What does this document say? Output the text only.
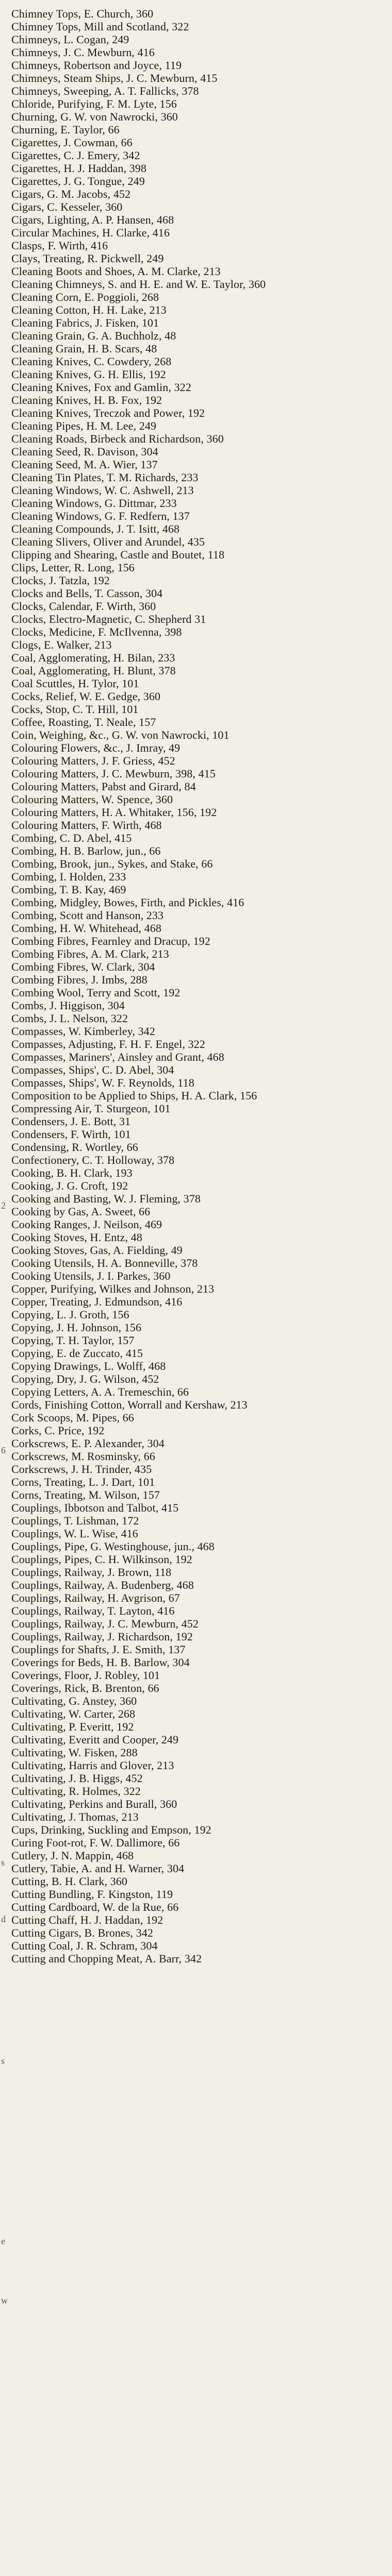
Chimney Tops, E. Church, 360

Chimney Tops, Mill and Scotland, 322

Chimneys, L. Cogan, 249

Chimneys, J. C. Mewburn, 416

Chimneys, Robertson and Joyce, 119

Chimneys, Steam Ships, J. C. Mewburn, 415

Chimneys, Sweeping, A. T. Fallicks, 378

Chloride, Purifying, F. M. Lyte, 156

Churning, G. W. von Nawrocki, 360

Churning, E. Taylor, 66

Cigarettes, J. Cowman, 66

Cigarettes, C. J. Emery, 342

Cigarettes, H. J. Haddan, 398

Cigarettes, J. G. Tongue, 249

Cigars, G. M. Jacobs, 452

Cigars, C. Kesseler, 360

Cigars, Lighting, A. P. Hansen, 468

Circular Machines, H. Clarke, 416

Clasps, F. Wirth, 416

Clays, Treating, R. Pickwell, 249

Cleaning Boots and Shoes, A. M. Clarke, 213

Cleaning Chimneys, S. and H. E. and W. E. Taylor, 360

Cleaning Corn, E. Poggioli, 268

Cleaning Cotton, H. H. Lake, 213

Cleaning Fabrics, J. Fisken, 101

Cleaning Grain, G. A. Buchholz, 48

Cleaning Grain, H. B. Scars, 48

Cleaning Knives, C. Cowdery, 268

Cleaning Knives, G. H. Ellis, 192

Cleaning Knives, Fox and Gamlin, 322

Cleaning Knives, H. B. Fox, 192

Cleaning Knives, Treczok and Power, 192

Cleaning Pipes, H. M. Lee, 249

Cleaning Roads, Birbeck and Richardson, 360

Cleaning Seed, R. Davison, 304

Cleaning Seed, M. A. Wier, 137

Cleaning Tin Plates, T. M. Richards, 233

Cleaning Windows, W. C. Ashwell, 213

Cleaning Windows, G. Dittmar, 233

Cleaning Windows, G. F. Redfern, 137

Cleaning Compounds, J. T. Isitt, 468

Cleaning Slivers, Oliver and Arundel, 435

Clipping and Shearing, Castle and Boutet, 118

Clips, Letter, R. Long, 156

Clocks, J. Tatzla, 192

Clocks and Bells, T. Casson, 304

Clocks, Calendar, F. Wirth, 360

Clocks, Electro-Magnetic, C. Shepherd 31

Clocks, Medicine, F. McIlvenna, 398

Clogs, E. Walker, 213

Coal, Agglomerating, H. Bilan, 233

Coal, Agglomerating, H. Blunt, 378

Coal Scuttles, H. Tylor, 101

Cocks, Relief, W. E. Gedge, 360

Cocks, Stop, C. T. Hill, 101

Coffee, Roasting, T. Neale, 157

Coin, Weighing, &c., G. W. von Nawrocki, 101

Colouring Flowers, &c., J. Imray, 49

Colouring Matters, J. F. Griess, 452

Colouring Matters, J. C. Mewburn, 398, 415

Colouring Matters, Pabst and Girard, 84

Colouring Matters, W. Spence, 360

Colouring Matters, H. A. Whitaker, 156, 192

Colouring Matters, F. Wirth, 468

Combing, C. D. Abel, 415

Combing, H. B. Barlow, jun., 66

Combing, Brook, jun., Sykes, and Stake, 66

Combing, I. Holden, 233

Combing, T. B. Kay, 469

Combing, Midgley, Bowes, Firth, and Pickles, 416

Combing, Scott and Hanson, 233

Combing, H. W. Whitehead, 468

Combing Fibres, Fearnley and Dracup, 192

Combing Fibres, A. M. Clark, 213

Combing Fibres, W. Clark, 304

Combing Fibres, J. Imbs, 288

Combing Wool, Terry and Scott, 192

Combs, J. Higgison, 304

Combs, J. L. Nelson, 322

Compasses, W. Kimberley, 342

Compasses, Adjusting, F. H. F. Engel, 322

Compasses, Mariners', Ainsley and Grant, 468

Compasses, Ships', C. D. Abel, 304

Compasses, Ships', W. F. Reynolds, 118

Composition to be Applied to Ships, H. A. Clark, 156

Compressing Air, T. Sturgeon, 101

Condensers, J. E. Bott, 31

Condensers, F. Wirth, 101

Condensing, R. Wortley, 66

Confectionery, C. T. Holloway, 378

Cooking, B. H. Clark, 193

Cooking, J. G. Croft, 192

Cooking and Basting, W. J. Fleming, 378

Cooking by Gas, A. Sweet, 66

Cooking Ranges, J. Neilson, 469

Cooking Stoves, H. Entz, 48

Cooking Stoves, Gas, A. Fielding, 49

Cooking Utensils, H. A. Bonneville, 378

Cooking Utensils, J. I. Parkes, 360

Copper, Purifying, Wilkes and Johnson, 213

Copper, Treating, J. Edmundson, 416

Copying, L. J. Groth, 156

Copying, J. H. Johnson, 156

Copying, T. H. Taylor, 157

Copying, E. de Zuccato, 415

Copying Drawings, L. Wolff, 468

Copying, Dry, J. G. Wilson, 452

Copying Letters, A. A. Tremeschin, 66

Cords, Finishing Cotton, Worrall and Kershaw, 213

Cork Scoops, M. Pipes, 66

Corks, C. Price, 192

Corkscrews, E. P. Alexander, 304

Corkscrews, M. Rosminsky, 66

Corkscrews, J. H. Trinder, 435

Corns, Treating, L. J. Dart, 101

Corns, Treating, M. Wilson, 157

Couplings, Ibbotson and Talbot, 415

Couplings, T. Lishman, 172

Couplings, W. L. Wise, 416

Couplings, Pipe, G. Westinghouse, jun., 468

Couplings, Pipes, C. H. Wilkinson, 192

Couplings, Railway, J. Brown, 118

Couplings, Railway, A. Budenberg, 468

Couplings, Railway, H. Avgrison, 67

Couplings, Railway, T. Layton, 416

Couplings, Railway, J. C. Mewburn, 452

Couplings, Railway, J. Richardson, 192

Couplings for Shafts, J. E. Smith, 137

Coverings for Beds, H. B. Barlow, 304

Coverings, Floor, J. Robley, 101

Coverings, Rick, B. Brenton, 66

Cultivating, G. Anstey, 360

Cultivating, W. Carter, 268

Cultivating, P. Everitt, 192

Cultivating, Everitt and Cooper, 249

Cultivating, W. Fisken, 288

Cultivating, Harris and Glover, 213

Cultivating, J. B. Higgs, 452

Cultivating, R. Holmes, 322

Cultivating, Perkins and Burall, 360

Cultivating, J. Thomas, 213

Cups, Drinking, Suckling and Empson, 192

Curing Foot-rot, F. W. Dallimore, 66

Cutlery, J. N. Mappin, 468

Cutlery, Tabie, A. and H. Warner, 304

Cutting, B. H. Clark, 360

Cutting Bundling, F. Kingston, 119

Cutting Cardboard, W. de la Rue, 66

Cutting Chaff, H. J. Haddan, 192

Cutting Cigars, B. Brones, 342

Cutting Coal, J. R. Schram, 304

Cutting and Chopping Meat, A. Barr, 342

2
6
s
d
s
e
w
